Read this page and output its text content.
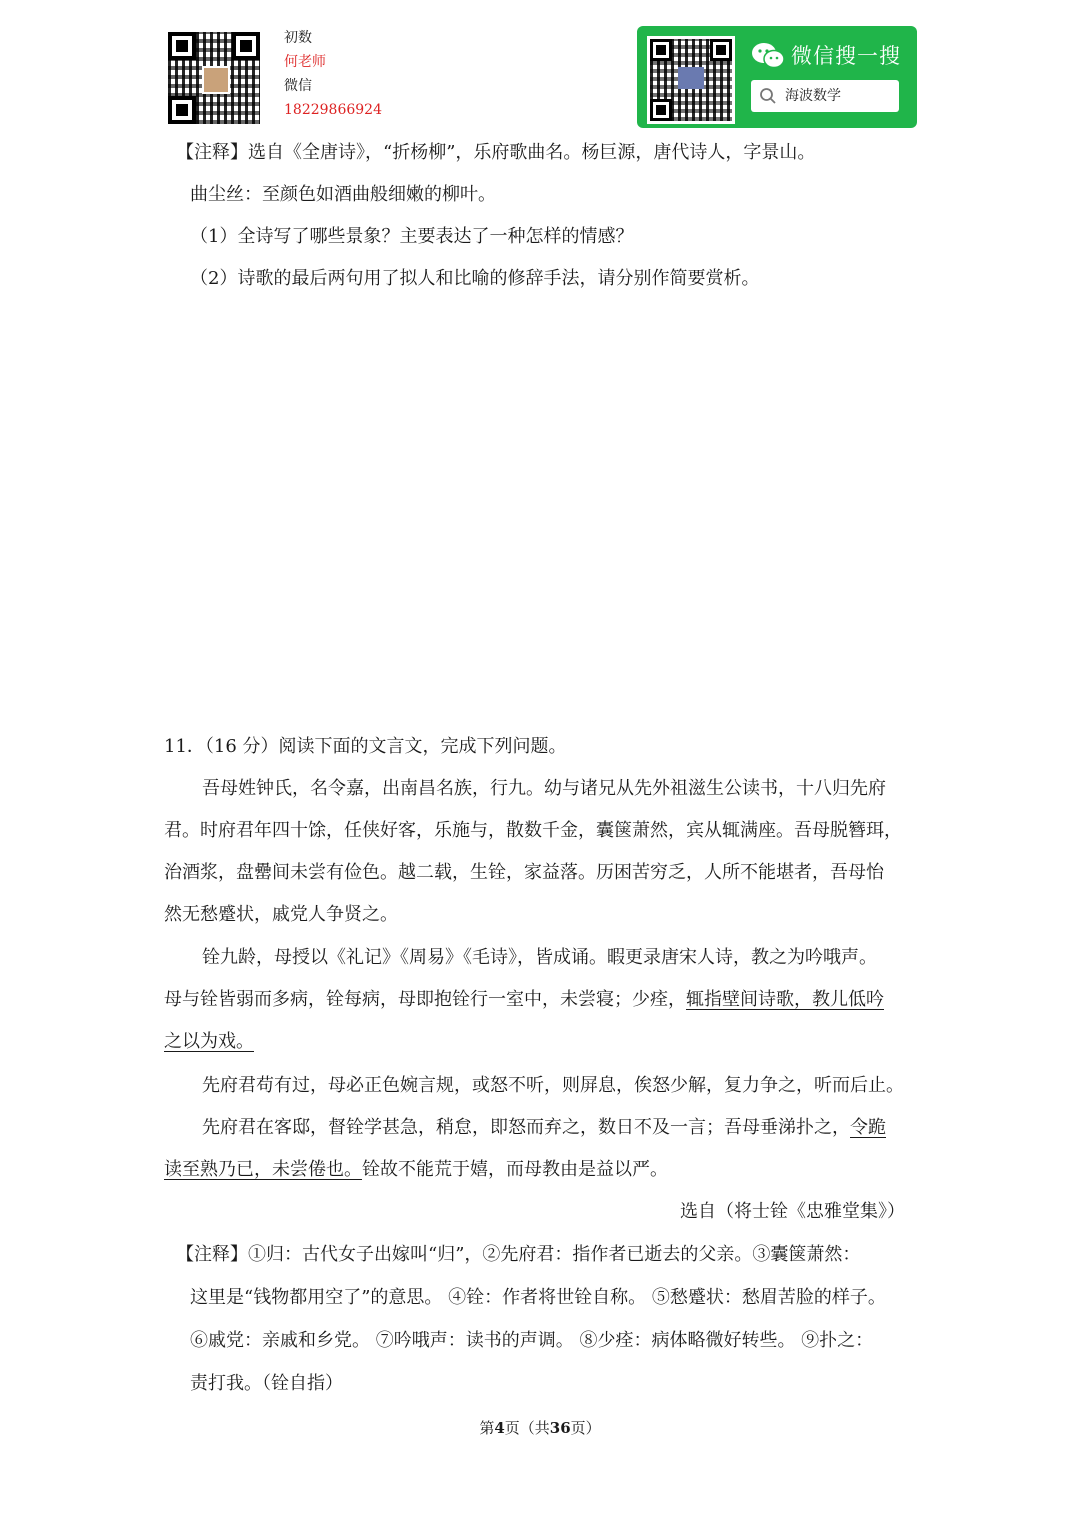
初数
何老师
微信
18229866924
微信搜一搜
海波数学
【注释】选自《全唐诗》，“折杨柳”，乐府歌曲名。杨巨源，唐代诗人，字景山。
曲尘丝：至颜色如酒曲般细嫩的柳叶。
（1）全诗写了哪些景象？主要表达了一种怎样的情感？
（2）诗歌的最后两句用了拟人和比喻的修辞手法，请分别作简要赏析。
11．（16 分）阅读下面的文言文，完成下列问题。
吾母姓钟氏，名令嘉，出南昌名族，行九。幼与诸兄从先外祖滋生公读书，十八归先府
君。时府君年四十馀，任侠好客，乐施与，散数千金，囊箧萧然，宾从辄满座。吾母脱簪珥，
治酒浆，盘罍间未尝有俭色。越二载，生铨，家益落。历困苦穷乏，人所不能堪者，吾母怡
然无愁蹙状，戚党人争贤之。
铨九龄，母授以《礼记》《周易》《毛诗》，皆成诵。暇更录唐宋人诗，教之为吟哦声。
母与铨皆弱而多病，铨每病，母即抱铨行一室中，未尝寝；少痊，辄指壁间诗歌，教儿低吟
之以为戏。
先府君苟有过，母必正色婉言规，或怒不听，则屏息，俟怒少解，复力争之，听而后止。
先府君在客邸，督铨学甚急，稍怠，即怒而弃之，数日不及一言；吾母垂涕扑之，令跪
读至熟乃已，未尝倦也。铨故不能荒于嬉，而母教由是益以严。
选自（将士铨《忠雅堂集》）
【注释】①归：古代女子出嫁叫“归”，②先府君：指作者已逝去的父亲。③囊箧萧然：
这里是“钱物都用空了”的意思。 ④铨：作者将世铨自称。 ⑤愁蹙状：愁眉苦脸的样子。
⑥戚党：亲戚和乡党。 ⑦吟哦声：读书的声调。 ⑧少痊：病体略微好转些。 ⑨扑之：
责打我。（铨自指）
第4页（共36页）
